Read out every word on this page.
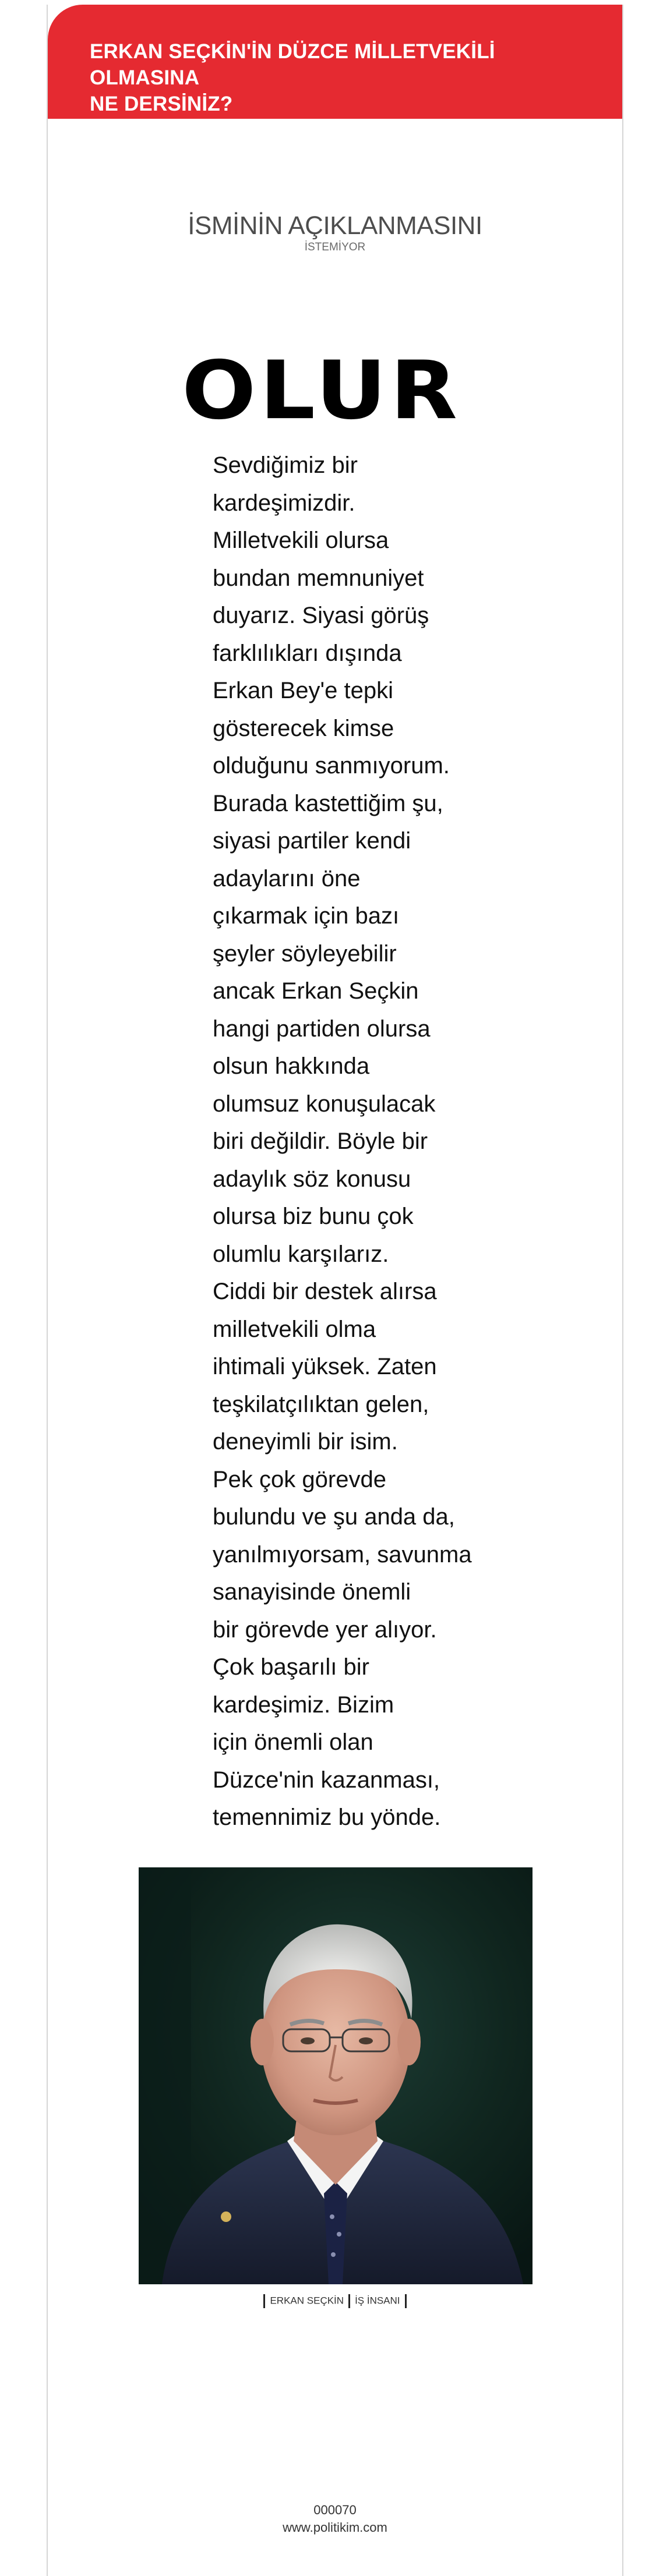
ERKAN SEÇKİN'İN DÜZCE MİLLETVEKİLİ OLMASINA
NE DERSİNİZ?

İSMİNİN AÇIKLANMASINI
İSTEMİYOR
OLUR
Sevdiğimiz bir
kardeşimizdir.
Milletvekili olursa
bundan memnuniyet
duyarız. Siyasi görüş
farklılıkları dışında
Erkan Bey'e tepki
gösterecek kimse
olduğunu sanmıyorum.
Burada kastettiğim şu,
siyasi partiler kendi
adaylarını öne
çıkarmak için bazı
şeyler söyleyebilir
ancak Erkan Seçkin
hangi partiden olursa
olsun hakkında
olumsuz konuşulacak
biri değildir. Böyle bir
adaylık söz konusu
olursa biz bunu çok
olumlu karşılarız.
Ciddi bir destek alırsa
milletvekili olma
ihtimali yüksek. Zaten
teşkilatçılıktan gelen,
deneyimli bir isim.
Pek çok görevde
bulundu ve şu anda da,
yanılmıyorsam, savunma
sanayisinde önemli
bir görevde yer alıyor.
Çok başarılı bir
kardeşimiz. Bizim
için önemli olan
Düzce'nin kazanması,
temennimiz bu yönde.
ERKAN SEÇKİN İŞ İNSANI
000070
www.politikim.com
